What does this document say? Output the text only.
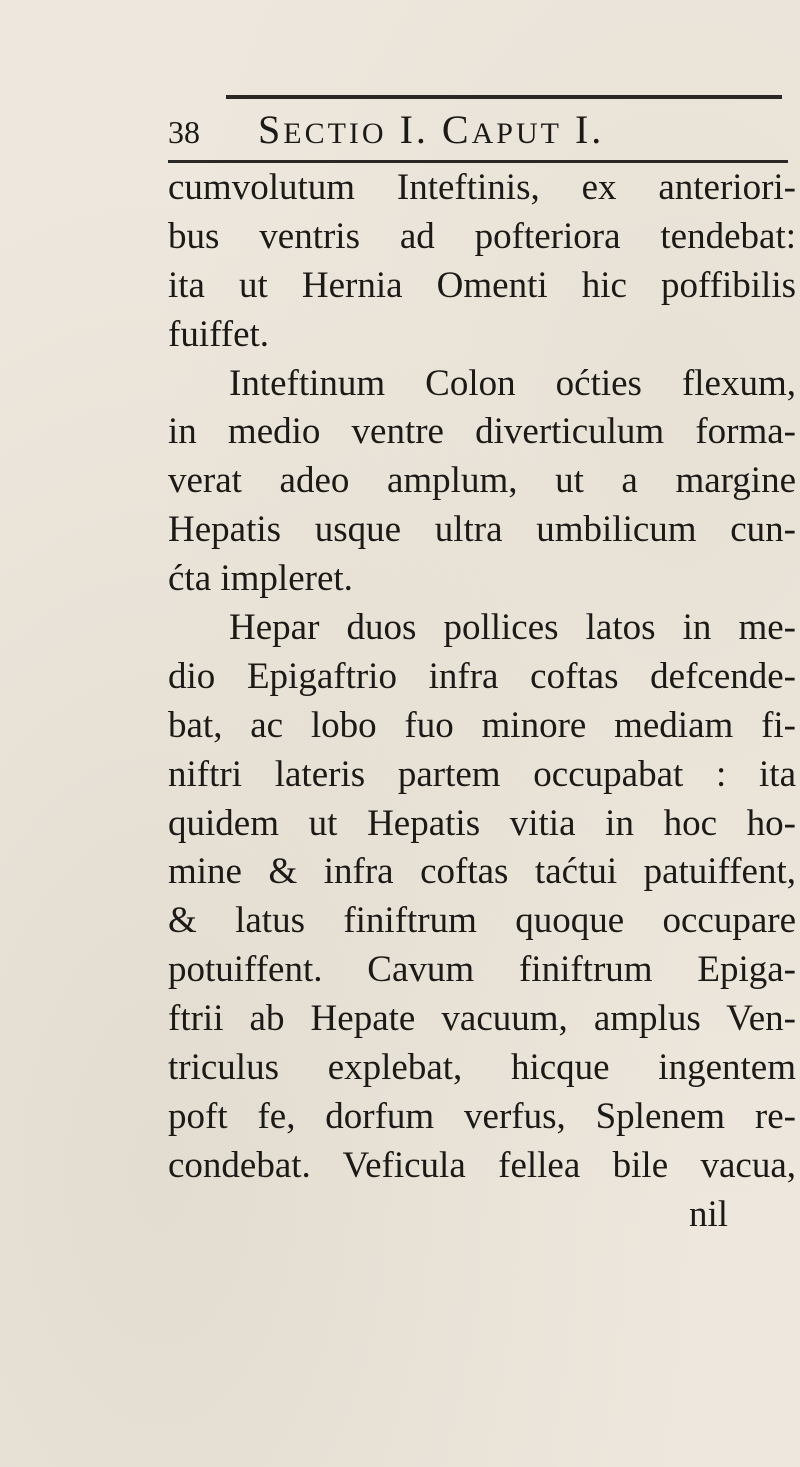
38 SECTIO I. CAPUT I.
cumvolutum Inteftinis, ex anteriori-
bus ventris ad pofteriora tendebat:
ita ut Hernia Omenti hic poffibilis
fuiffet.
Inteftinum Colon oćties flexum,
in medio ventre diverticulum forma-
verat adeo amplum, ut a margine
Hepatis usque ultra umbilicum cun-
ćta impleret.
Hepar duos pollices latos in me-
dio Epigaftrio infra coftas defcende-
bat, ac lobo fuo minore mediam fi-
niftri lateris partem occupabat : ita
quidem ut Hepatis vitia in hoc ho-
mine & infra coftas taćtui patuiffent,
& latus finiftrum quoque occupare
potuiffent. Cavum finiftrum Epiga-
ftrii ab Hepate vacuum, amplus Ven-
triculus explebat, hicque ingentem
poft fe, dorfum verfus, Splenem re-
condebat. Veficula fellea bile vacua,
nil
